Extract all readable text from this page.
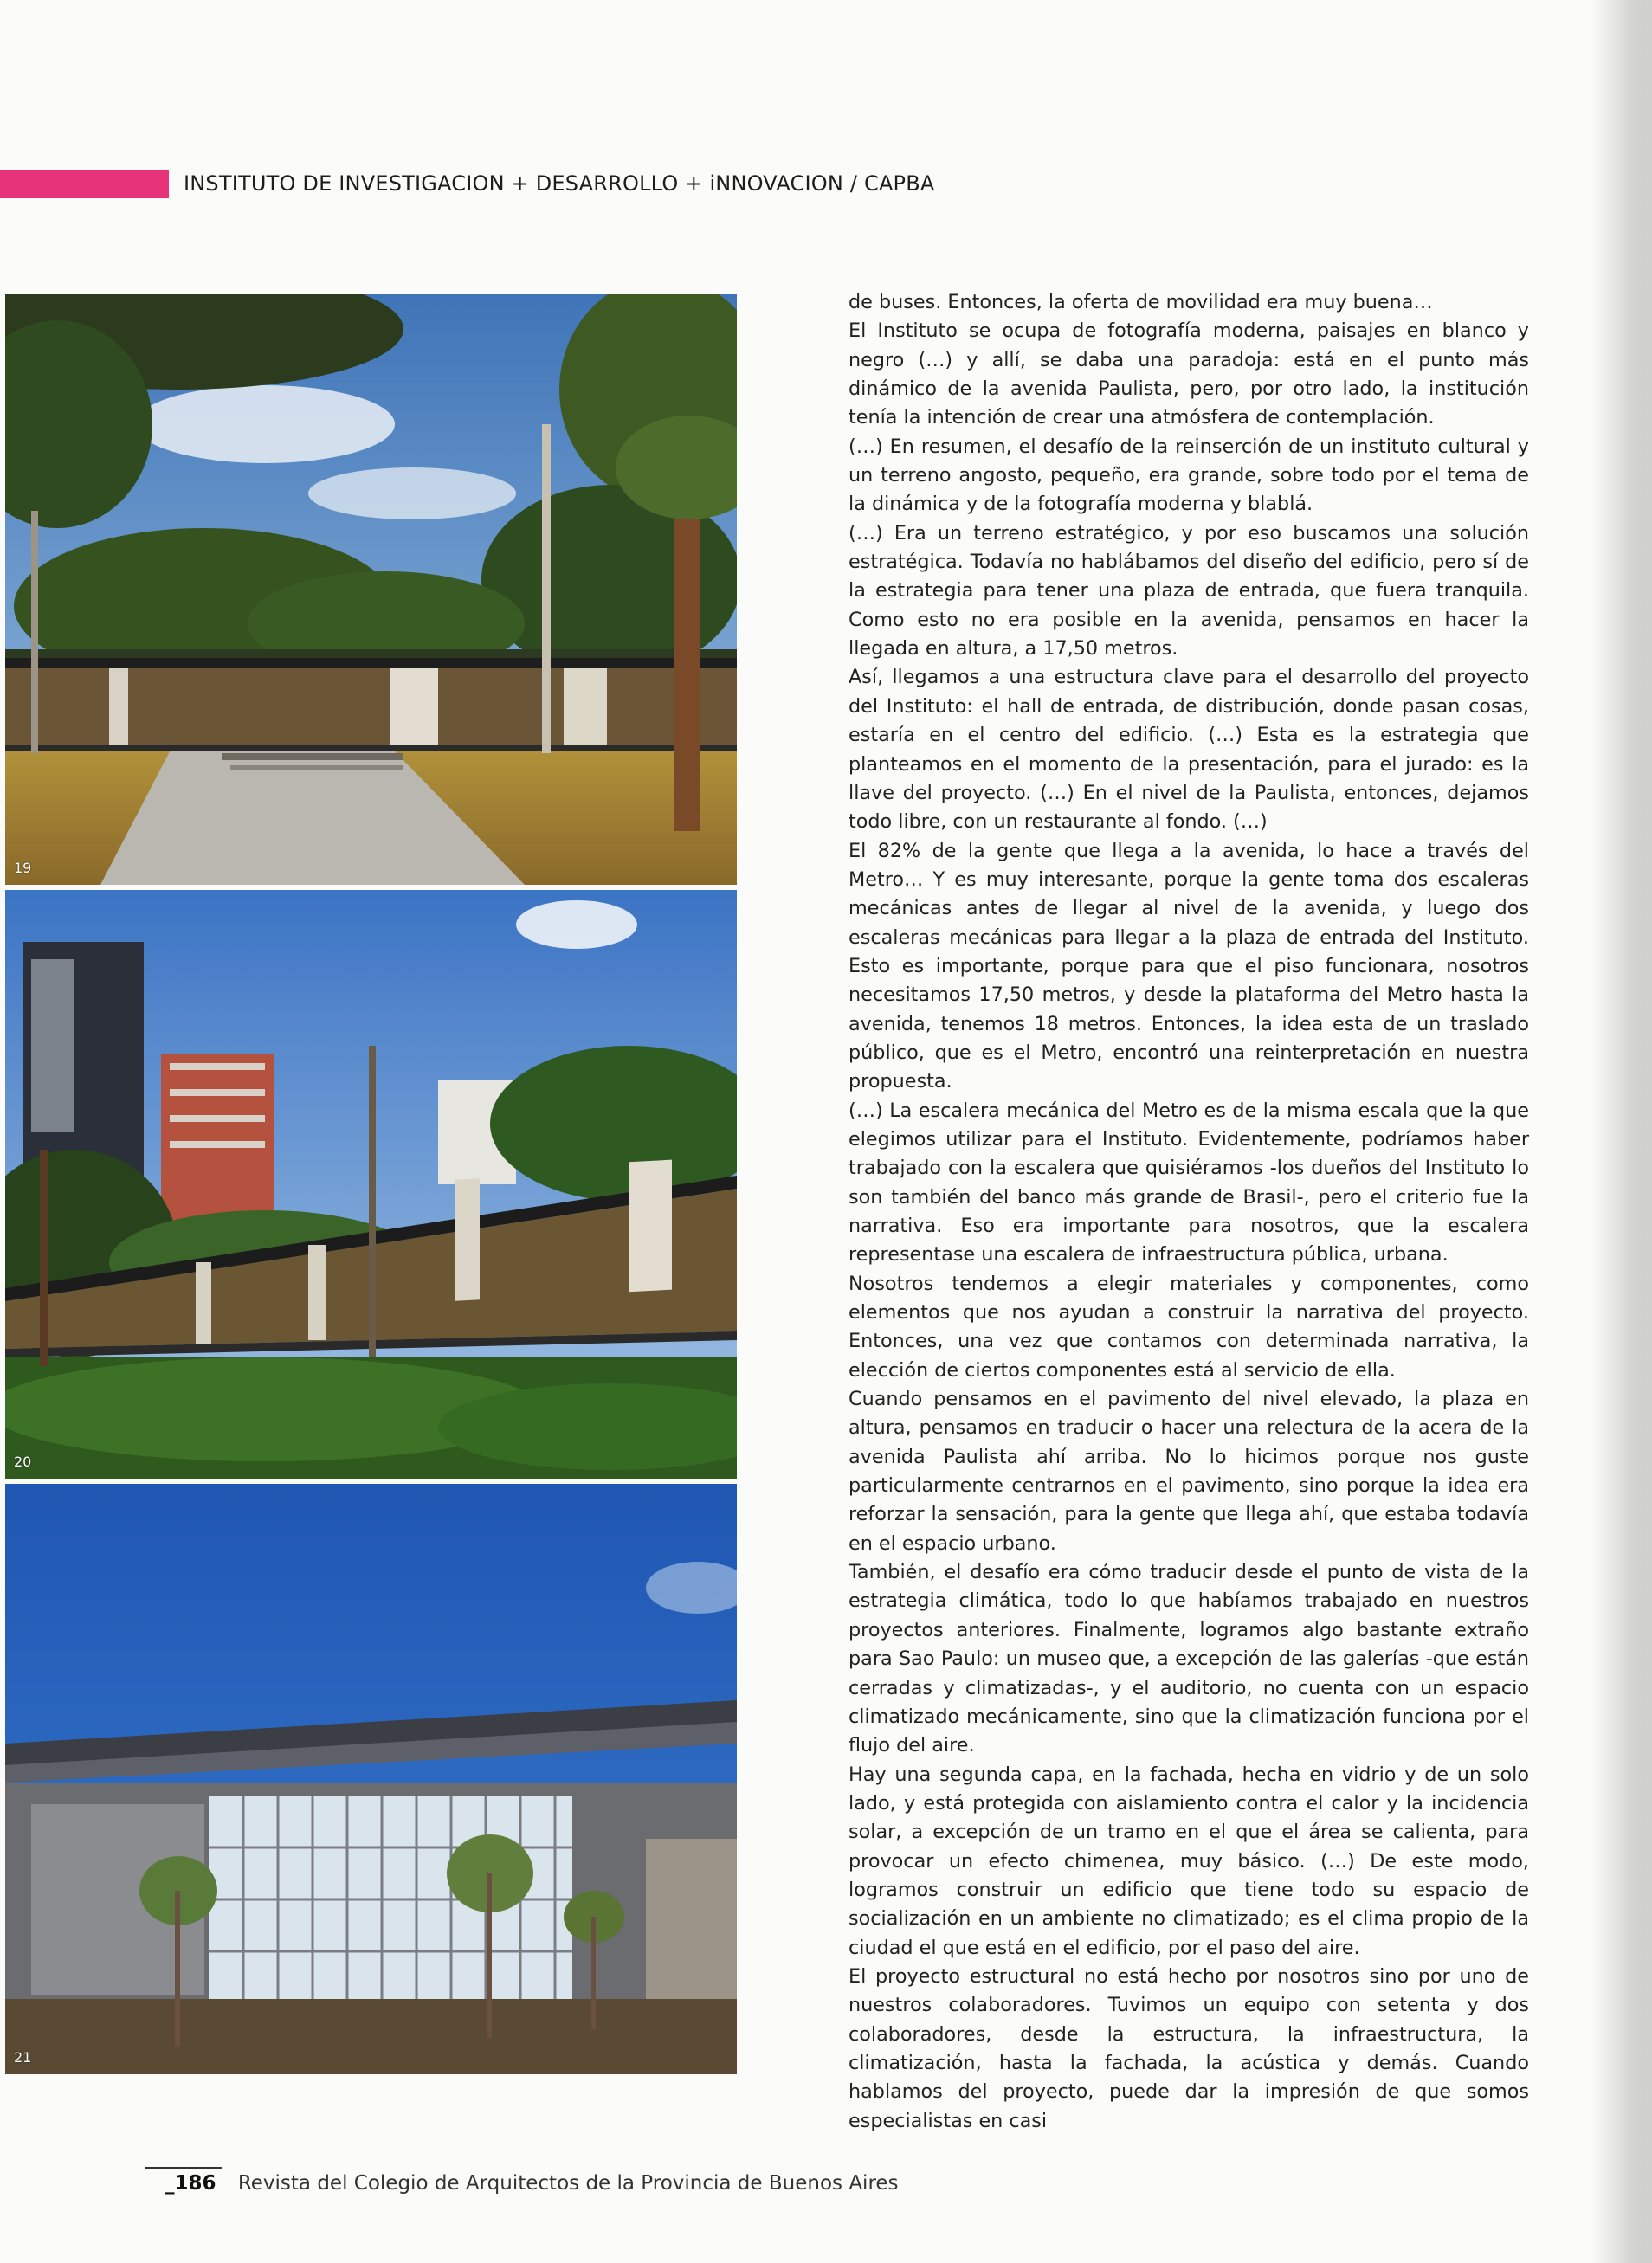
INSTITUTO DE INVESTIGACION + DESARROLLO + iNNOVACION / CAPBA
19
20
21

de buses. Entonces, la oferta de movilidad era muy buena…

El Instituto se ocupa de fotografía moderna, paisajes en blanco y negro (…) y allí, se daba una paradoja: está en el punto más dinámico de la avenida Paulista, pero, por otro lado, la institución tenía la intención de crear una atmósfera de contemplación.

(…) En resumen, el desafío de la reinserción de un instituto cultural y un terreno angosto, pequeño, era grande, sobre todo por el tema de la dinámica y de la fotografía moderna y blablá.

(…) Era un terreno estratégico, y por eso buscamos una solución estratégica. Todavía no hablábamos del diseño del edificio, pero sí de la estrategia para tener una plaza de entrada, que fuera tranquila. Como esto no era posible en la avenida, pensamos en hacer la llegada en altura, a 17,50 metros.

Así, llegamos a una estructura clave para el desarrollo del proyecto del Instituto: el hall de entrada, de distribución, donde pasan cosas, estaría en el centro del edificio. (…) Esta es la estrategia que planteamos en el momento de la presentación, para el jurado: es la llave del proyecto. (…) En el nivel de la Paulista, entonces, dejamos todo libre, con un restaurante al fondo. (…)

El 82% de la gente que llega a la avenida, lo hace a través del Metro… Y es muy interesante, porque la gente toma dos escaleras mecánicas antes de llegar al nivel de la avenida, y luego dos escaleras mecánicas para llegar a la plaza de entrada del Instituto. Esto es importante, porque para que el piso funcionara, nosotros necesitamos 17,50 metros, y desde la plataforma del Metro hasta la avenida, tenemos 18 metros. Entonces, la idea esta de un traslado público, que es el Metro, encontró una reinterpretación en nuestra propuesta.

(…) La escalera mecánica del Metro es de la misma escala que la que elegimos utilizar para el Instituto. Evidentemente, podríamos haber trabajado con la escalera que quisiéramos -los dueños del Instituto lo son también del banco más grande de Brasil-, pero el criterio fue la narrativa. Eso era importante para nosotros, que la escalera representase una escalera de infraestructura pública, urbana.

Nosotros tendemos a elegir materiales y componentes, como elementos que nos ayudan a construir la narrativa del proyecto. Entonces, una vez que contamos con determinada narrativa, la elección de ciertos componentes está al servicio de ella.

Cuando pensamos en el pavimento del nivel elevado, la plaza en altura, pensamos en traducir o hacer una relectura de la acera de la avenida Paulista ahí arriba. No lo hicimos porque nos guste particularmente centrarnos en el pavimento, sino porque la idea era reforzar la sensación, para la gente que llega ahí, que estaba todavía en el espacio urbano.

También, el desafío era cómo traducir desde el punto de vista de la estrategia climática, todo lo que habíamos trabajado en nuestros proyectos anteriores. Finalmente, logramos algo bastante extraño para Sao Paulo: un museo que, a excepción de las galerías -que están cerradas y climatizadas-, y el auditorio, no cuenta con un espacio climatizado mecánicamente, sino que la climatización funciona por el flujo del aire.

Hay una segunda capa, en la fachada, hecha en vidrio y de un solo lado, y está protegida con aislamiento contra el calor y la incidencia solar, a excepción de un tramo en el que el área se calienta, para provocar un efecto chimenea, muy básico. (…) De este modo, logramos construir un edificio que tiene todo su espacio de socialización en un ambiente no climatizado; es el clima propio de la ciudad el que está en el edificio, por el paso del aire.

El proyecto estructural no está hecho por nosotros sino por uno de nuestros colaboradores. Tuvimos un equipo con setenta y dos colaboradores, desde la estructura, la infraestructura, la climatización, hasta la fachada, la acústica y demás. Cuando hablamos del proyecto, puede dar la impresión de que somos especialistas en casi

_186 Revista del Colegio de Arquitectos de la Provincia de Buenos Aires
